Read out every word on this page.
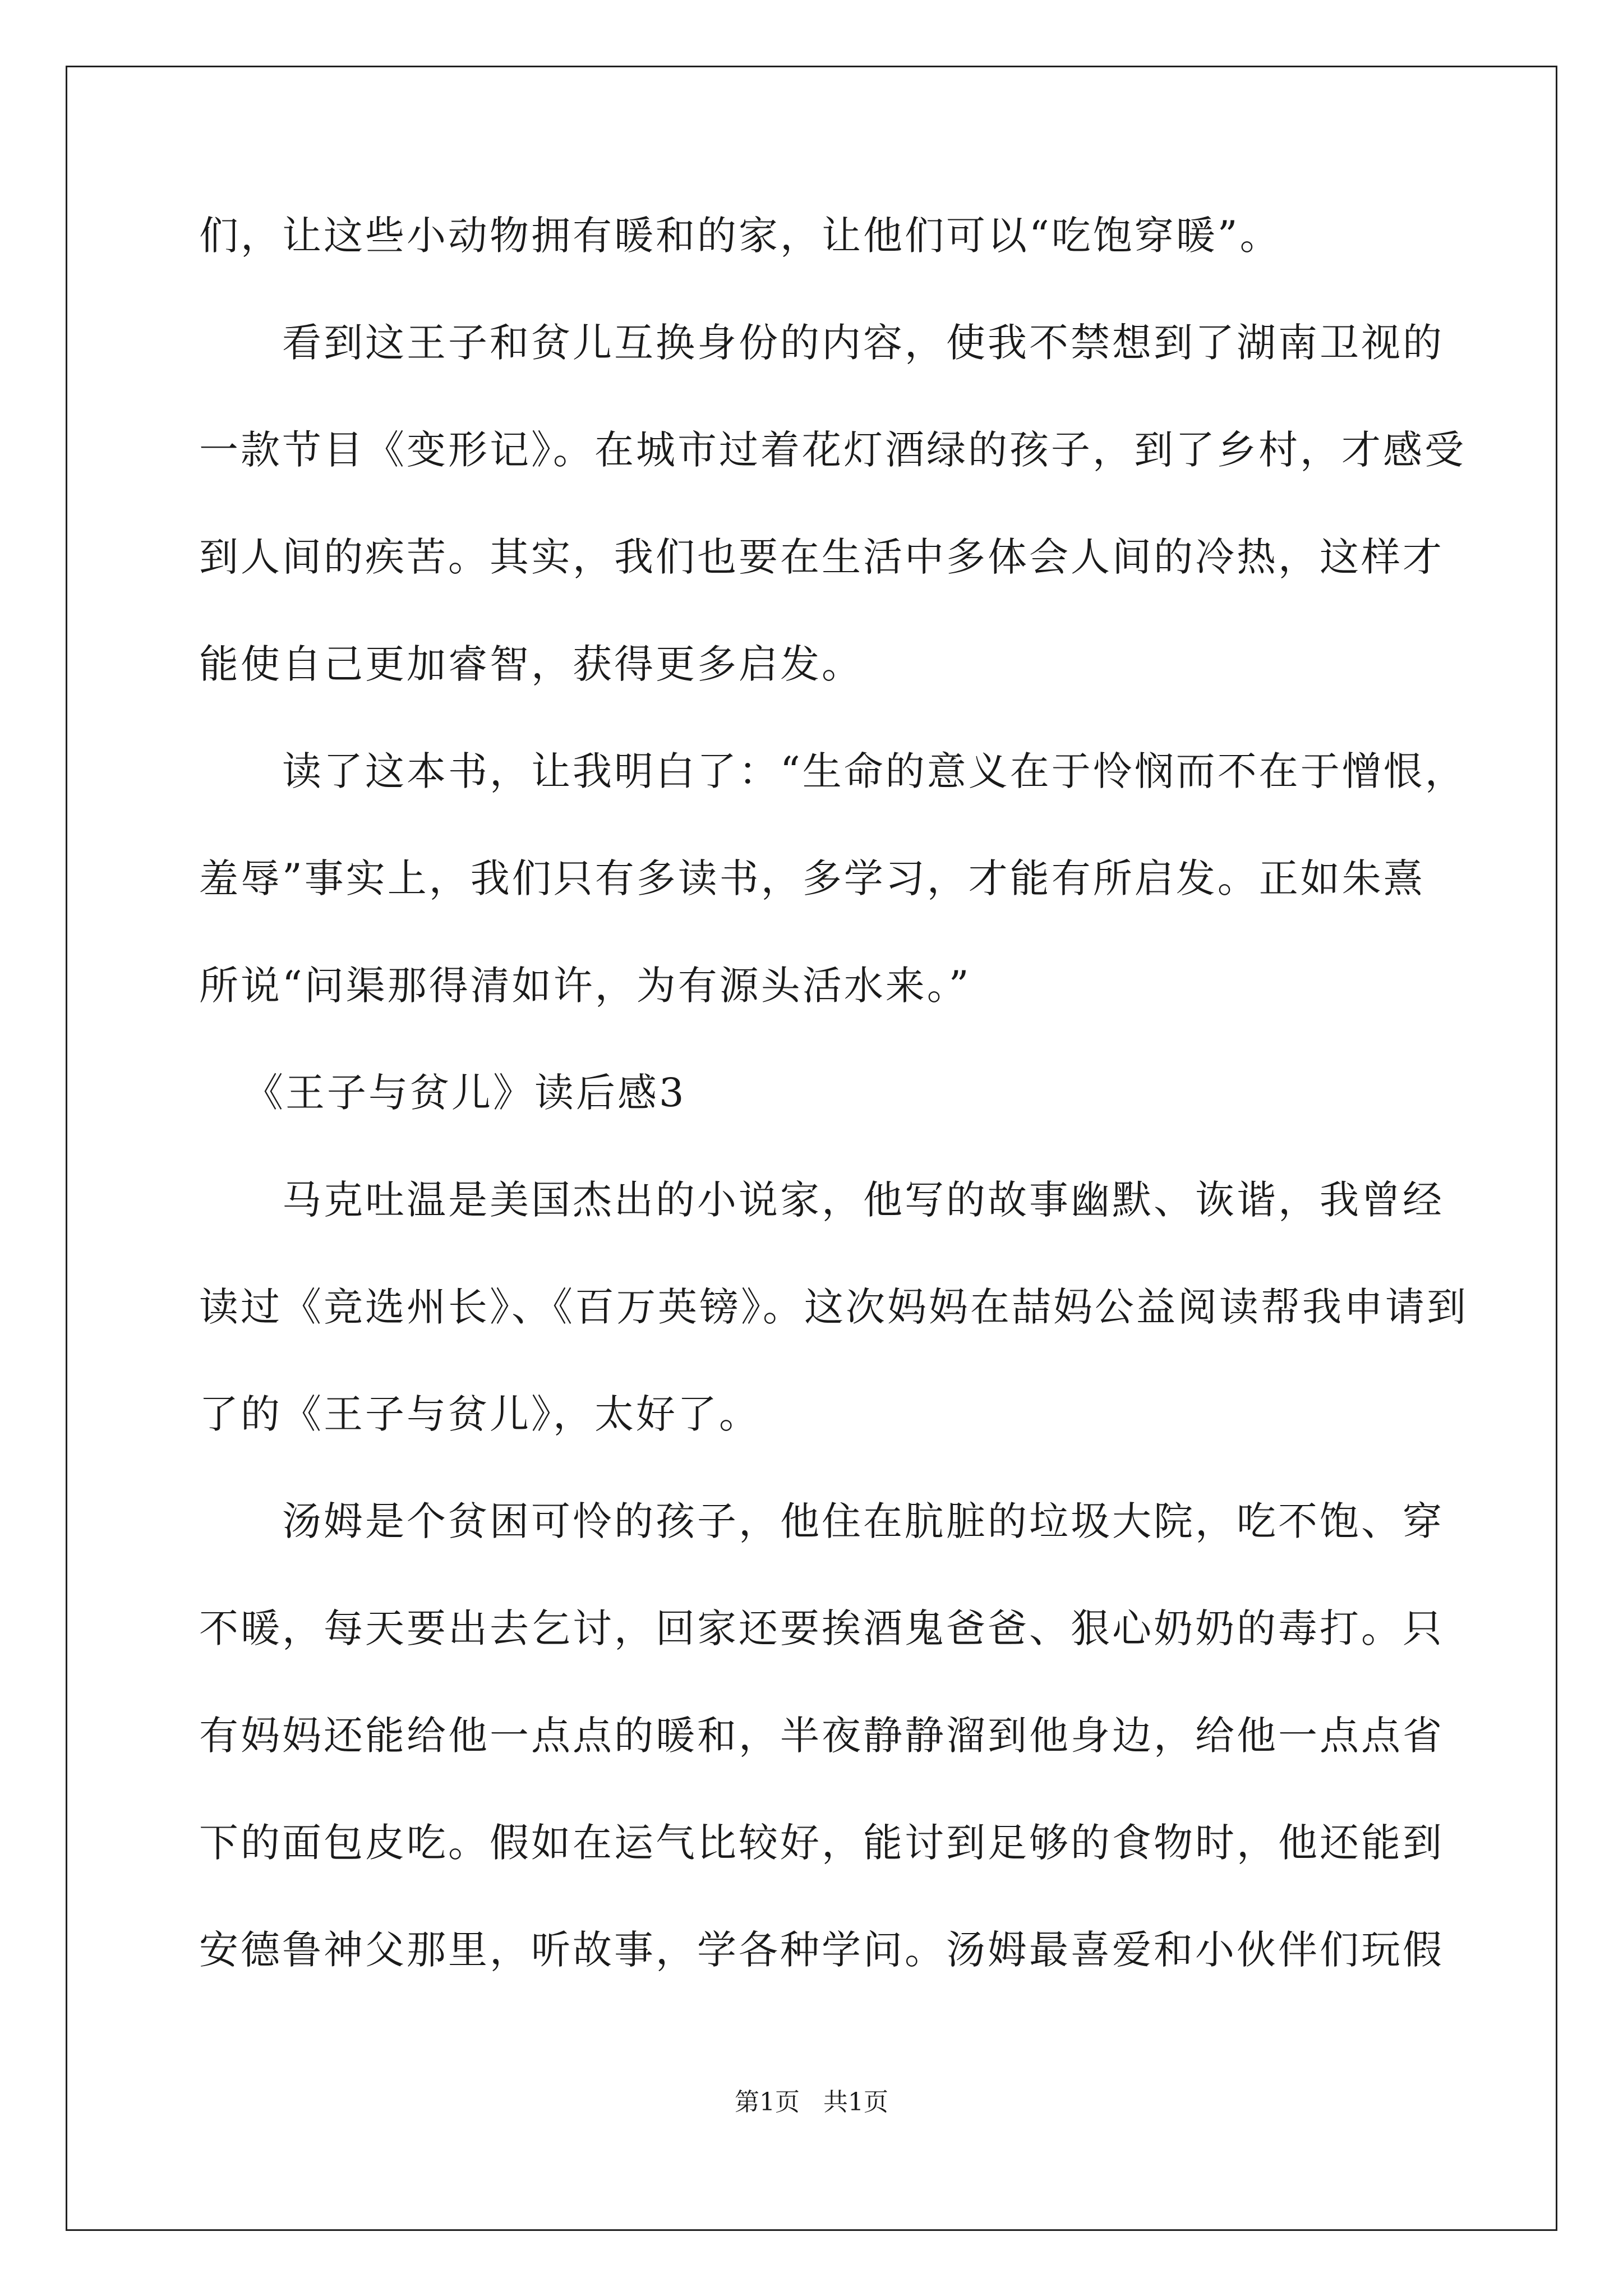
们，让这些小动物拥有暖和的家，让他们可以“吃饱穿暖”。
看到这王子和贫儿互换身份的内容，使我不禁想到了湖南卫视的
一款节目《变形记》。在城市过着花灯酒绿的孩子，到了乡村，才感受
到人间的疾苦。其实，我们也要在生活中多体会人间的冷热，这样才
能使自己更加睿智，获得更多启发。
读了这本书，让我明白了：“生命的意义在于怜悯而不在于憎恨，
羞辱”事实上，我们只有多读书，多学习，才能有所启发。正如朱熹
所说“问渠那得清如许，为有源头活水来。”
《王子与贫儿》读后感3
马克吐温是美国杰出的小说家，他写的故事幽默、诙谐，我曾经
读过《竞选州长》、《百万英镑》。这次妈妈在喆妈公益阅读帮我申请到
了的《王子与贫儿》，太好了。
汤姆是个贫困可怜的孩子，他住在肮脏的垃圾大院，吃不饱、穿
不暖，每天要出去乞讨，回家还要挨酒鬼爸爸、狠心奶奶的毒打。只
有妈妈还能给他一点点的暖和，半夜静静溜到他身边，给他一点点省
下的面包皮吃。假如在运气比较好，能讨到足够的食物时，他还能到
安德鲁神父那里，听故事，学各种学问。汤姆最喜爱和小伙伴们玩假
第1页   共1页
